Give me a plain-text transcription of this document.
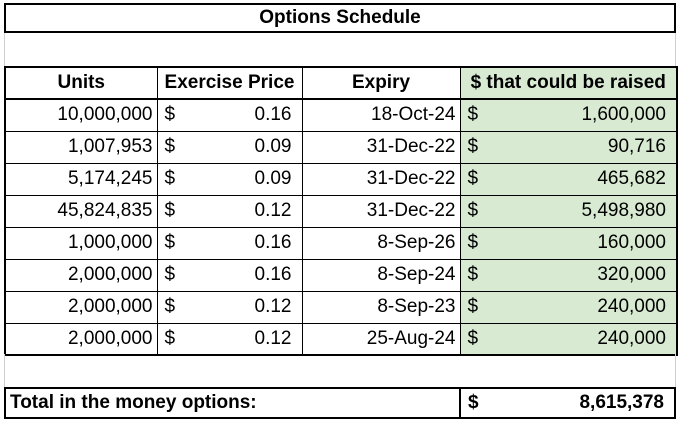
Options Schedule
Units	Exercise Price	Expiry	$ that could be raised
10,000,000	$ 0.16	18-Oct-24	$ 1,600,000

1,007,953	$ 0.09	31-Dec-22	$ 90,716

5,174,245	$ 0.09	31-Dec-22	$ 465,682

45,824,835	$ 0.12	31-Dec-22	$ 5,498,980

1,000,000	$ 0.16	8-Sep-26	$ 160,000

2,000,000	$ 0.16	8-Sep-24	$ 320,000

2,000,000	$ 0.12	8-Sep-23	$ 240,000

2,000,000	$ 0.12	25-Aug-24	$ 240,000
Total in the money options:	$	8,615,378
